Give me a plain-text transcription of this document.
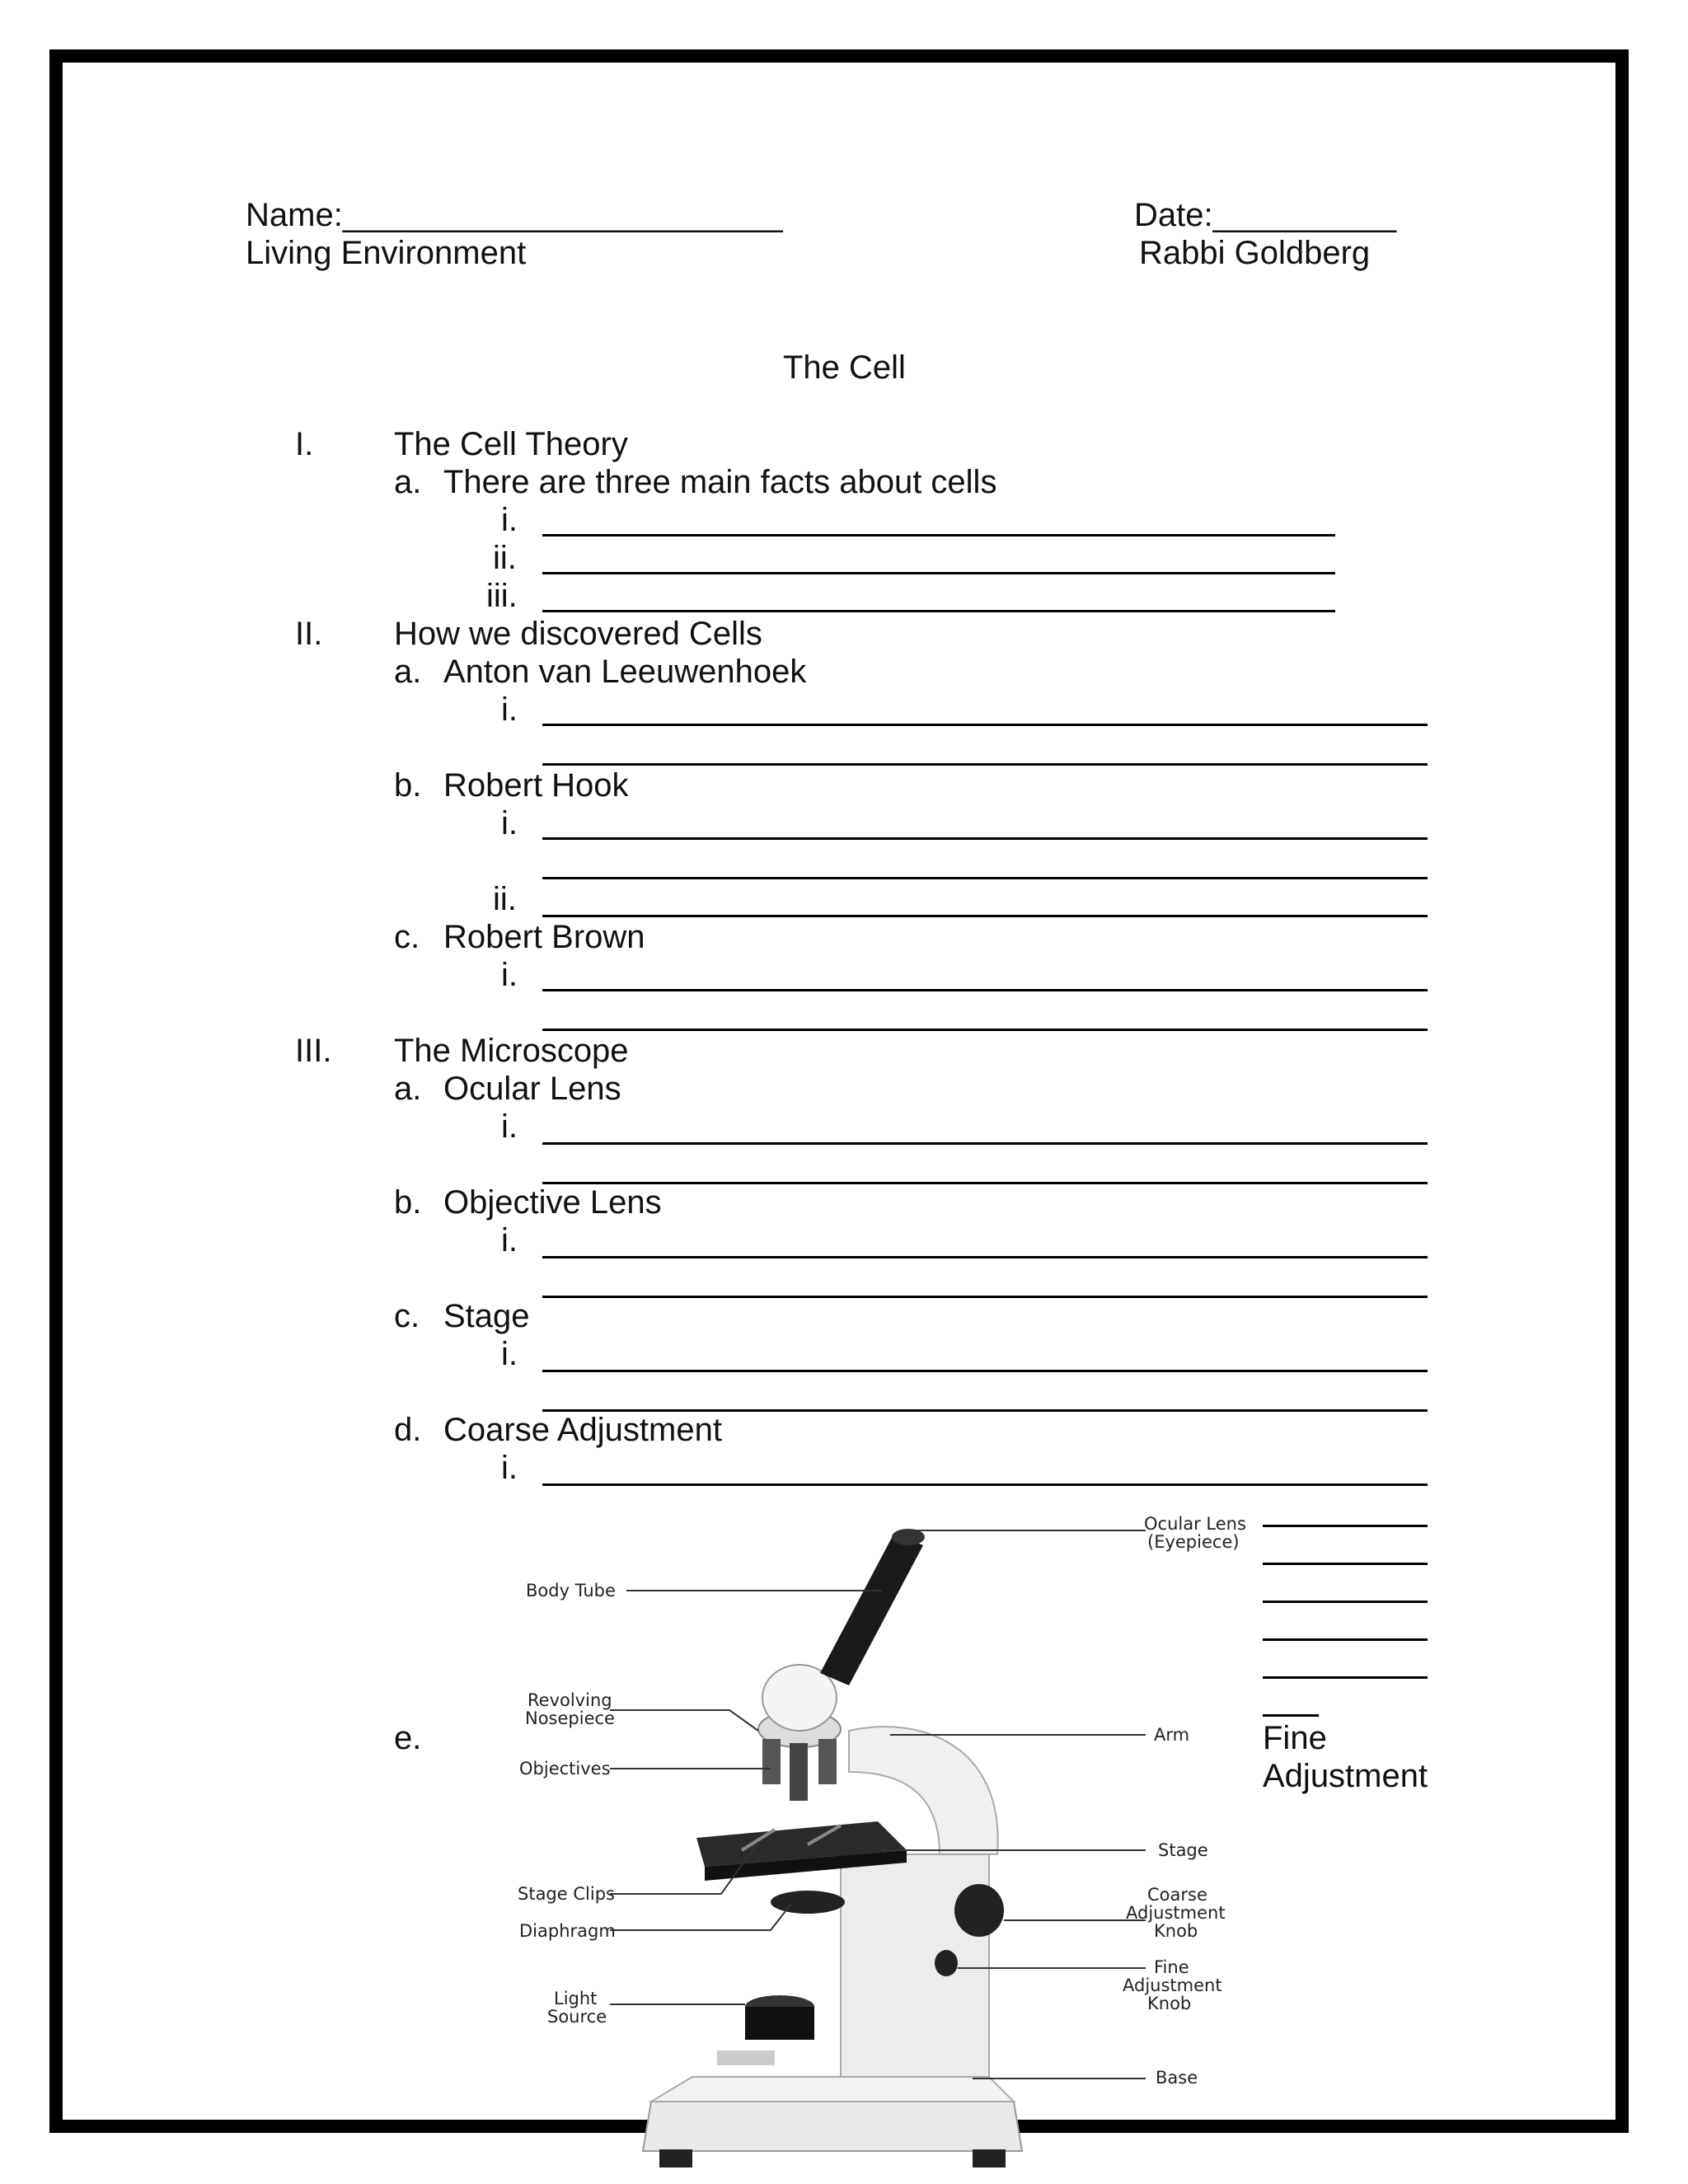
Name:________________________	Date:__________
Living Environment	Rabbi Goldberg
The Cell
I. The Cell Theory
a. There are three main facts about cells
i.
ii.
iii.
II. How we discovered Cells
a. Anton van Leeuwenhoek
i.
b. Robert Hook
i.
ii.
c. Robert Brown
i.
III. The Microscope
a. Ocular Lens
i.
b. Objective Lens
i.
c. Stage
i.
d. Coarse Adjustment
i.
e.	Fine
Adjustment
Ocular Lens
(Eyepiece)
Body Tube
Revolving
Nosepiece
Arm
Objectives
Stage
Stage Clips	Coarse
Adjustment
Knob
Diaphragm
Fine
Adjustment
Knob
Light
Source
Base
